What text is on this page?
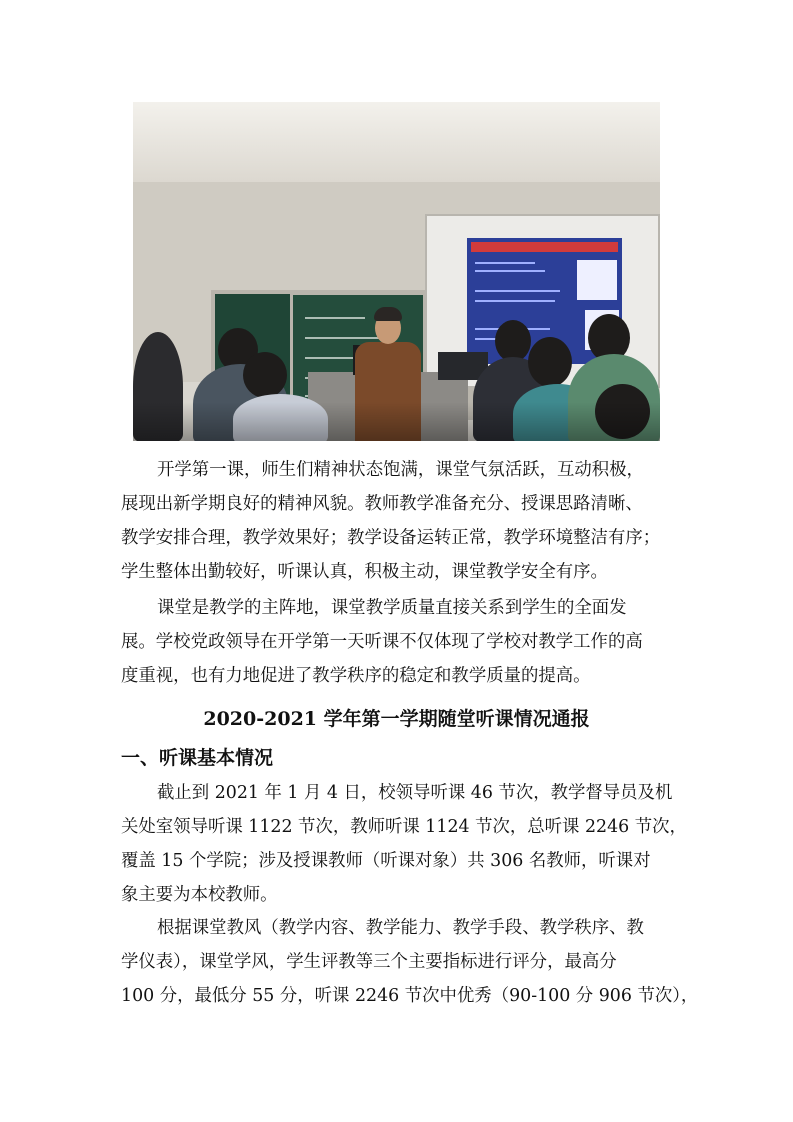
开学第一课，师生们精神状态饱满，课堂气氛活跃，互动积极，
展现出新学期良好的精神风貌。教师教学准备充分、授课思路清晰、
教学安排合理，教学效果好；教学设备运转正常，教学环境整洁有序；
学生整体出勤较好，听课认真，积极主动，课堂教学安全有序。

课堂是教学的主阵地，课堂教学质量直接关系到学生的全面发
展。学校党政领导在开学第一天听课不仅体现了学校对教学工作的高
度重视，也有力地促进了教学秩序的稳定和教学质量的提高。

2020-2021 学年第一学期随堂听课情况通报
一、听课基本情况

截止到 2021 年 1 月 4 日，校领导听课 46 节次，教学督导员及机
关处室领导听课 1122 节次，教师听课 1124 节次，总听课 2246 节次，
覆盖 15 个学院；涉及授课教师（听课对象）共 306 名教师，听课对
象主要为本校教师。

根据课堂教风（教学内容、教学能力、教学手段、教学秩序、教
学仪表），课堂学风，学生评教等三个主要指标进行评分，最高分
100 分，最低分 55 分，听课 2246 节次中优秀（90-100 分 906 节次），
